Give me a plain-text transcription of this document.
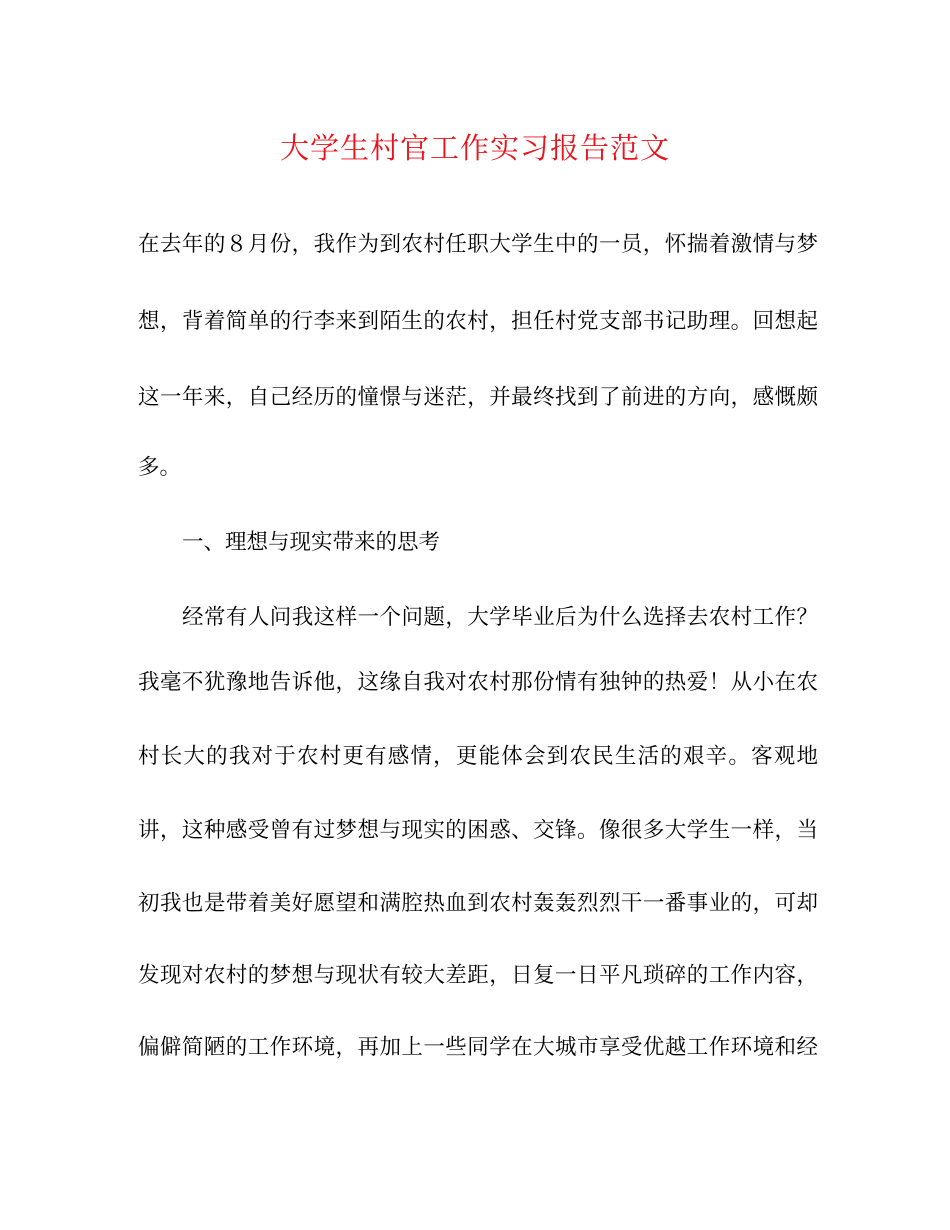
大学生村官工作实习报告范文

在去年的８月份，我作为到农村任职大学生中的一员，怀揣着激情与梦

想，背着简单的行李来到陌生的农村，担任村党支部书记助理。回想起

这一年来，自己经历的憧憬与迷茫，并最终找到了前进的方向，感慨颇

多。

一、理想与现实带来的思考

经常有人问我这样一个问题，大学毕业后为什么选择去农村工作？

我毫不犹豫地告诉他，这缘自我对农村那份情有独钟的热爱！从小在农

村长大的我对于农村更有感情，更能体会到农民生活的艰辛。客观地

讲，这种感受曾有过梦想与现实的困惑、交锋。像很多大学生一样，当

初我也是带着美好愿望和满腔热血到农村轰轰烈烈干一番事业的，可却

发现对农村的梦想与现状有较大差距，日复一日平凡琐碎的工作内容，

偏僻简陋的工作环境，再加上一些同学在大城市享受优越工作环境和经
